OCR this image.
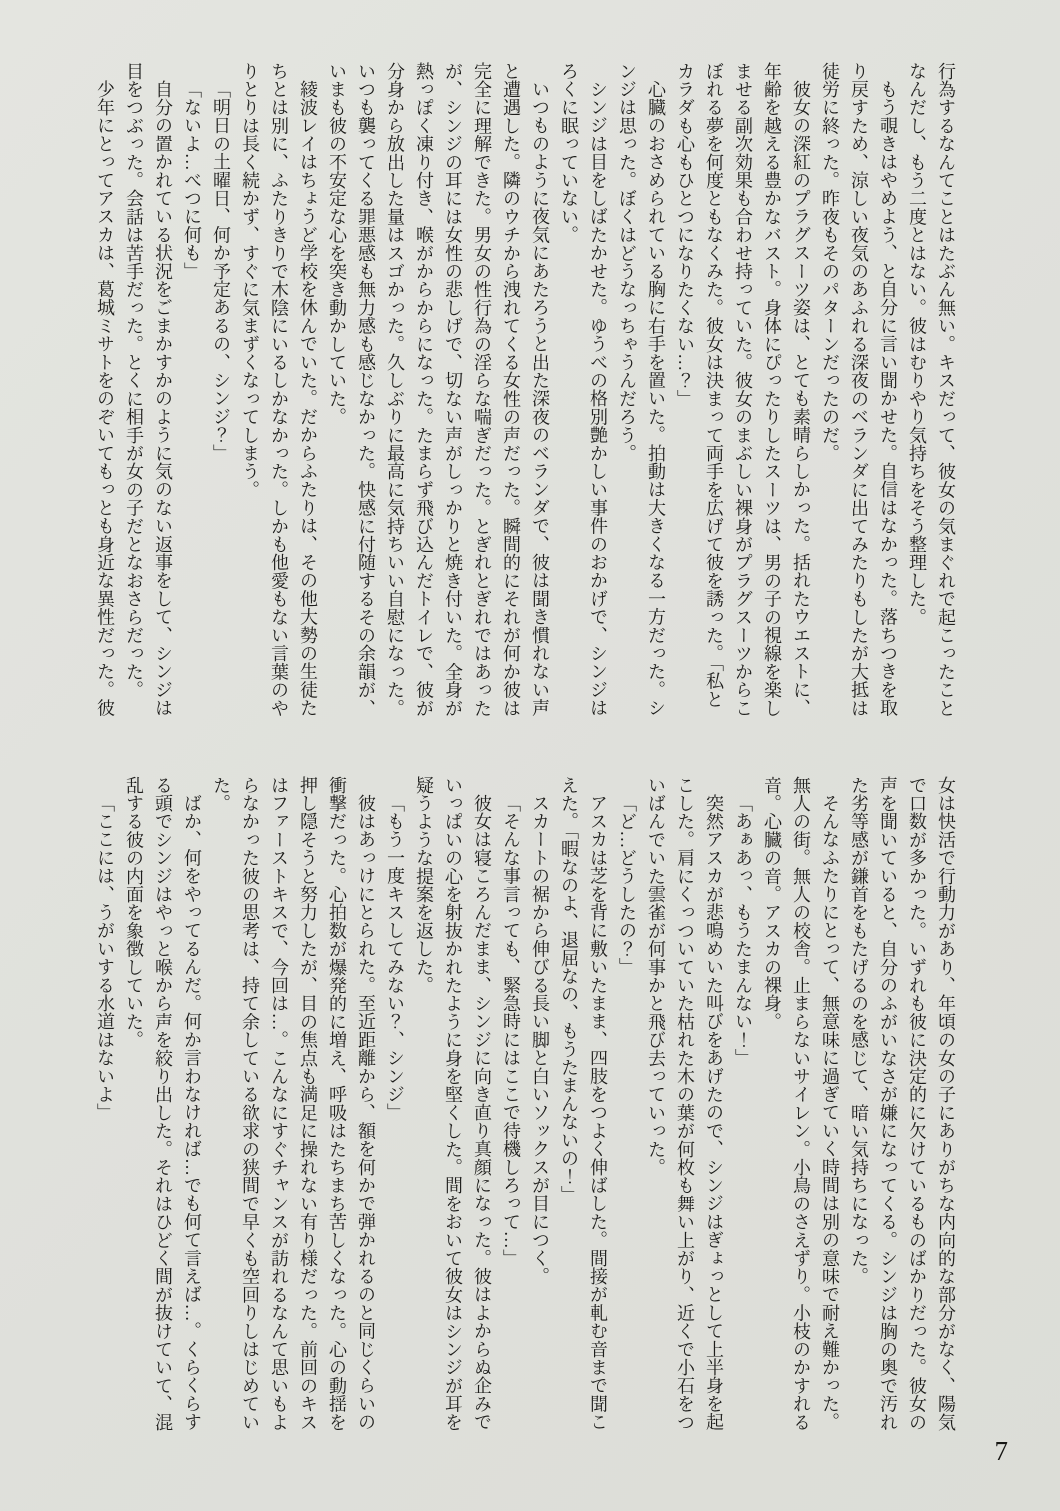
行為するなんてことはたぶん無い。キスだって、彼女の気まぐれで起こったことなんだし、もう二度とはない。彼はむりやり気持ちをそう整理した。

もう覗きはやめよう、と自分に言い聞かせた。自信はなかった。落ちつきを取り戻すため、涼しい夜気のあふれる深夜のベランダに出てみたりもしたが大抵は徒労に終った。昨夜もそのパターンだったのだ。

彼女の深紅のプラグスーツ姿は、とても素晴らしかった。括れたウエストに、年齢を越える豊かなバスト。身体にぴったりしたスーツは、男の子の視線を楽しませる副次効果も合わせ持っていた。彼女のまぶしい裸身がプラグスーツからこぼれる夢を何度ともなくみた。彼女は決まって両手を広げて彼を誘った。「私とカラダも心もひとつになりたくない…？」

心臓のおさめられている胸に右手を置いた。拍動は大きくなる一方だった。シンジは思った。ぼくはどうなっちゃうんだろう。

シンジは目をしばたかせた。ゆうべの格別艶かしい事件のおかげで、シンジはろくに眠っていない。

いつものように夜気にあたろうと出た深夜のベランダで、彼は聞き慣れない声と遭遇した。隣のウチから洩れてくる女性の声だった。瞬間的にそれが何か彼は完全に理解できた。男女の性行為の淫らな喘ぎだった。とぎれとぎれではあったが、シンジの耳には女性の悲しげで、切ない声がしっかりと焼き付いた。全身が熱っぽく凍り付き、喉がからからになった。たまらず飛び込んだトイレで、彼が分身から放出した量はスゴかった。久しぶりに最高に気持ちいい自慰になった。いつも襲ってくる罪悪感も無力感も感じなかった。快感に付随するその余韻が、いまも彼の不安定な心を突き動かしていた。

綾波レイはちょうど学校を休んでいた。だからふたりは、その他大勢の生徒たちとは別に、ふたりきりで木陰にいるしかなかった。しかも他愛もない言葉のやりとりは長く続かず、すぐに気まずくなってしまう。

「明日の土曜日、何か予定あるの、シンジ？」

「ないよ…べつに何も」

自分の置かれている状況をごまかすかのように気のない返事をして、シンジは目をつぶった。会話は苦手だった。とくに相手が女の子だとなおさらだった。

少年にとってアスカは、葛城ミサトをのぞいてもっとも身近な異性だった。彼

女は快活で行動力があり、年頃の女の子にありがちな内向的な部分がなく、陽気で口数が多かった。いずれも彼に決定的に欠けているものばかりだった。彼女の声を聞いていると、自分のふがいなさが嫌になってくる。シンジは胸の奥で汚れた劣等感が鎌首をもたげるのを感じて、暗い気持ちになった。

そんなふたりにとって、無意味に過ぎていく時間は別の意味で耐え難かった。無人の街。無人の校舎。止まらないサイレン。小鳥のさえずり。小枝のかすれる音。心臓の音。アスカの裸身。

「あぁあっ、もうたまんない！」

突然アスカが悲鳴めいた叫びをあげたので、シンジはぎょっとして上半身を起こした。肩にくっついていた枯れた木の葉が何枚も舞い上がり、近くで小石をついばんでいた雲雀が何事かと飛び去っていった。

「ど…どうしたの？」

アスカは芝を背に敷いたまま、四肢をつよく伸ばした。間接が軋む音まで聞こえた。「暇なのよ、退屈なの、もうたまんないの！」

スカートの裾から伸びる長い脚と白いソックスが目につく。

「そんな事言っても、緊急時にはここで待機しろって…」

彼女は寝ころんだまま、シンジに向き直り真顔になった。彼はよからぬ企みでいっぱいの心を射抜かれたように身を堅くした。間をおいて彼女はシンジが耳を疑うような提案を返した。

「もう一度キスしてみない？、シンジ」

彼はあっけにとられた。至近距離から、額を何かで弾かれるのと同じくらいの衝撃だった。心拍数が爆発的に増え、呼吸はたちまち苦しくなった。心の動揺を押し隠そうと努力したが、目の焦点も満足に操れない有り様だった。前回のキスはファーストキスで、今回は…。こんなにすぐチャンスが訪れるなんて思いもよらなかった彼の思考は、持て余している欲求の狭間で早くも空回りしはじめていた。

ばか、何をやってるんだ。何か言わなければ…でも何て言えば…。くらくらする頭でシンジはやっと喉から声を絞り出した。それはひどく間が抜けていて、混乱する彼の内面を象徴していた。

「ここには、うがいする水道はないよ」

7
